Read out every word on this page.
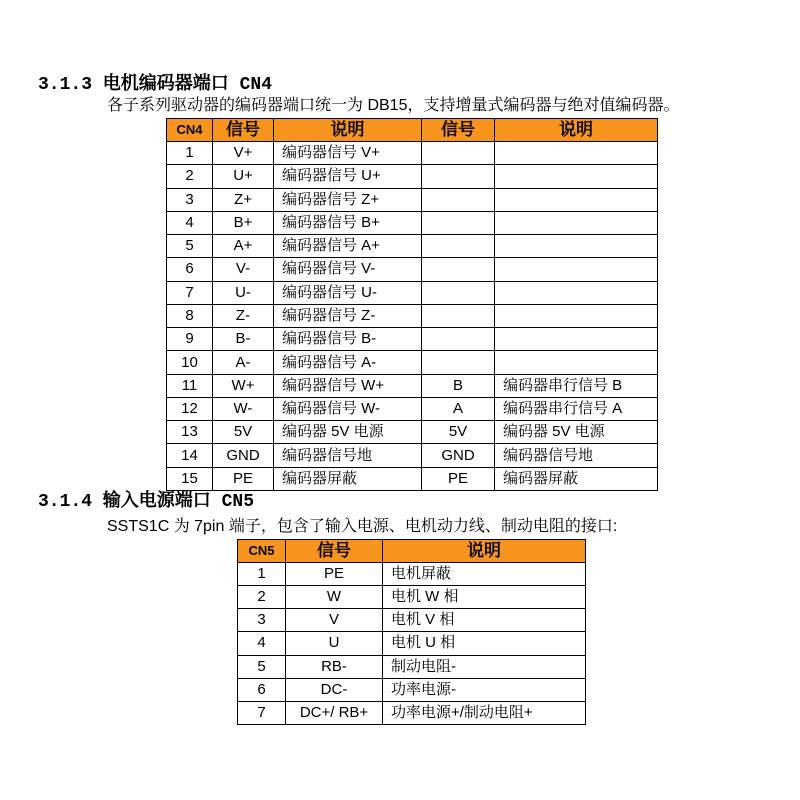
3.1.3 电机编码器端口 CN4
各子系列驱动器的编码器端口统一为 DB15，支持增量式编码器与绝对值编码器。
CN4	信号	说明	信号	说明
1	V+	编码器信号 V+		
2	U+	编码器信号 U+		
3	Z+	编码器信号 Z+		
4	B+	编码器信号 B+		
5	A+	编码器信号 A+		
6	V-	编码器信号 V-		
7	U-	编码器信号 U-		
8	Z-	编码器信号 Z-		
9	B-	编码器信号 B-		
10	A-	编码器信号 A-		
11	W+	编码器信号 W+	B	编码器串行信号 B
12	W-	编码器信号 W-	A	编码器串行信号 A
13	5V	编码器 5V 电源	5V	编码器 5V 电源
14	GND	编码器信号地	GND	编码器信号地
15	PE	编码器屏蔽	PE	编码器屏蔽
3.1.4 输入电源端口 CN5
SSTS1C 为 7pin 端子，包含了输入电源、电机动力线、制动电阻的接口:
CN5	信号	说明
1	PE	电机屏蔽
2	W	电机 W 相
3	V	电机 V 相
4	U	电机 U 相
5	RB-	制动电阻-
6	DC-	功率电源-
7	DC+/ RB+	功率电源+/制动电阻+
